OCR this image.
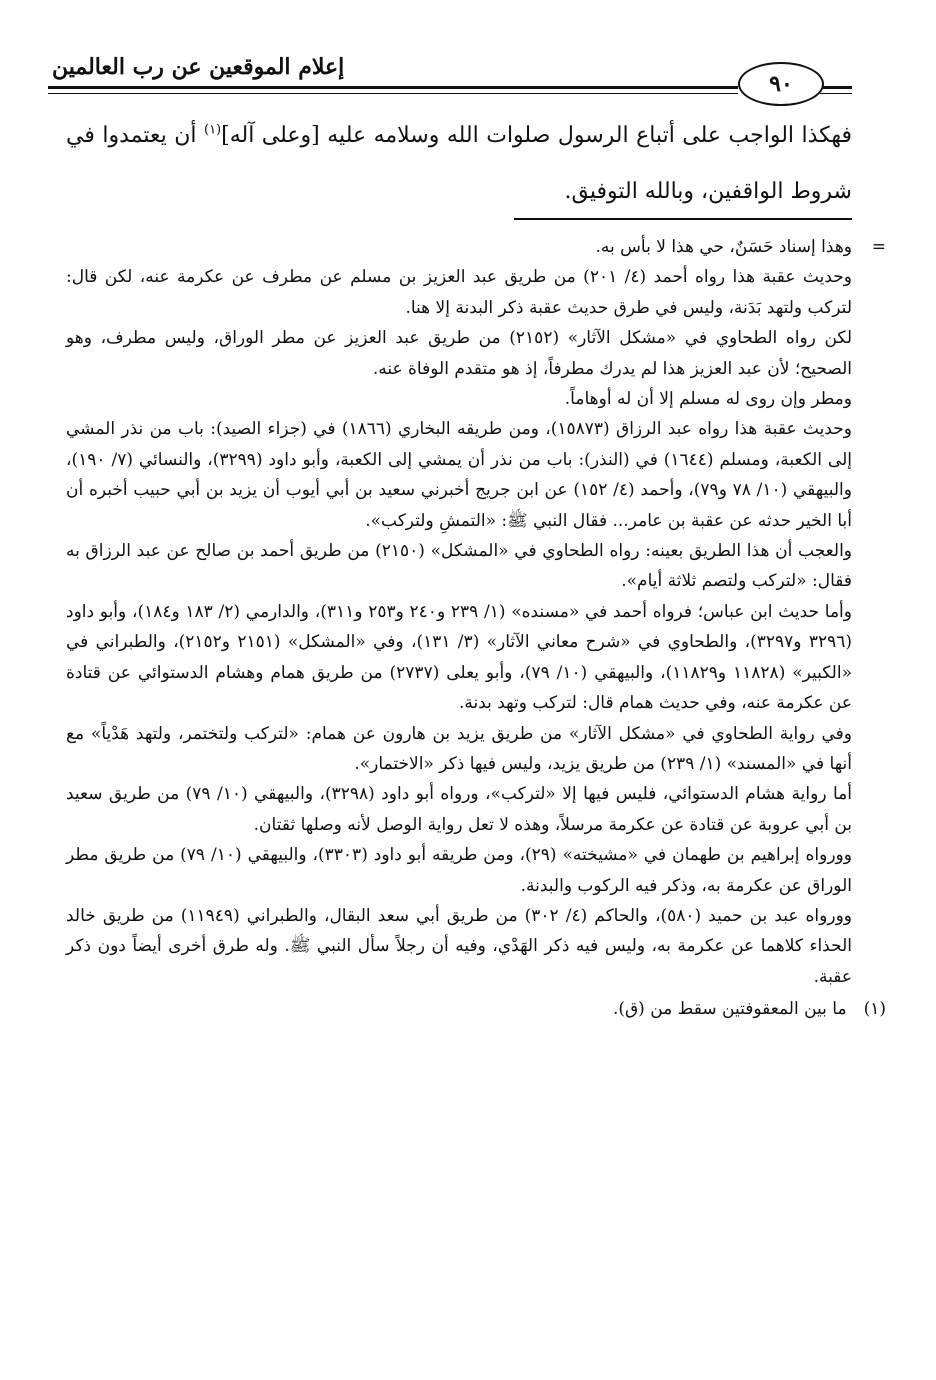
إعلام الموقعين عن رب العالمين
٩٠
فهكذا الواجب على أتباع الرسول صلوات الله وسلامه عليه [وعلى آله]$^{(١)}$ أن يعتمدوا في شروط الواقفين، وبالله التوفيق.

=
وهذا إسناد حَسَنٌ، حي هذا لا بأس به.

وحديث عقبة هذا رواه أحمد (٤/ ٢٠١) من طريق عبد العزيز بن مسلم عن مطرف عن عكرمة عنه، لكن قال: لتركب ولتهد بَدَنة، وليس في طرق حديث عقبة ذكر البدنة إلا هنا.

لكن رواه الطحاوي في «مشكل الآثار» (٢١٥٢) من طريق عبد العزيز عن مطر الوراق، وليس مطرف، وهو الصحيح؛ لأن عبد العزيز هذا لم يدرك مطرفاً، إذ هو متقدم الوفاة عنه.

ومطر وإن روى له مسلم إلا أن له أوهاماً.

وحديث عقبة هذا رواه عبد الرزاق (١٥٨٧٣)، ومن طريقه البخاري (١٨٦٦) في (جزاء الصيد): باب من نذر المشي إلى الكعبة، ومسلم (١٦٤٤) في (النذر): باب من نذر أن يمشي إلى الكعبة، وأبو داود (٣٢٩٩)، والنسائي (٧/ ١٩٠)، والبيهقي (١٠/ ٧٨ و٧٩)، وأحمد (٤/ ١٥٢) عن ابن جريج أخبرني سعيد بن أبي أيوب أن يزيد بن أبي حبيب أخبره أن أبا الخير حدثه عن عقبة بن عامر... فقال النبي ﷺ: «التمشِ ولتركب».

والعجب أن هذا الطريق بعينه: رواه الطحاوي في «المشكل» (٢١٥٠) من طريق أحمد بن صالح عن عبد الرزاق به فقال: «لتركب ولتصم ثلاثة أيام».

وأما حديث ابن عباس؛ فرواه أحمد في «مسنده» (١/ ٢٣٩ و٢٤٠ و٢٥٣ و٣١١)، والدارمي (٢/ ١٨٣ و١٨٤)، وأبو داود (٣٢٩٦ و٣٢٩٧)، والطحاوي في «شرح معاني الآثار» (٣/ ١٣١)، وفي «المشكل» (٢١٥١ و٢١٥٢)، والطبراني في «الكبير» (١١٨٢٨ و١١٨٢٩)، والبيهقي (١٠/ ٧٩)، وأبو يعلى (٢٧٣٧) من طريق همام وهشام الدستوائي عن قتادة عن عكرمة عنه، وفي حديث همام قال: لتركب وتهد بدنة.

وفي رواية الطحاوي في «مشكل الآثار» من طريق يزيد بن هارون عن همام: «لتركب ولتختمر، ولتهد هَدْياً» مع أنها في «المسند» (١/ ٢٣٩) من طريق يزيد، وليس فيها ذكر «الاختمار».

أما رواية هشام الدستوائي، فليس فيها إلا «لتركب»، ورواه أبو داود (٣٢٩٨)، والبيهقي (١٠/ ٧٩) من طريق سعيد بن أبي عروبة عن قتادة عن عكرمة مرسلاً، وهذه لا تعل رواية الوصل لأنه وصلها ثقتان.

وورواه إبراهيم بن طهمان في «مشيخته» (٢٩)، ومن طريقه أبو داود (٣٣٠٣)، والبيهقي (١٠/ ٧٩) من طريق مطر الوراق عن عكرمة به، وذكر فيه الركوب والبدنة.

وورواه عبد بن حميد (٥٨٠)، والحاكم (٤/ ٣٠٢) من طريق أبي سعد البقال، والطبراني (١١٩٤٩) من طريق خالد الحذاء كلاهما عن عكرمة به، وليس فيه ذكر الهَدْي، وفيه أن رجلاً سأل النبي ﷺ. وله طرق أخرى أيضاً دون ذكر عقبة.

(١) ما بين المعقوفتين سقط من (ق).
